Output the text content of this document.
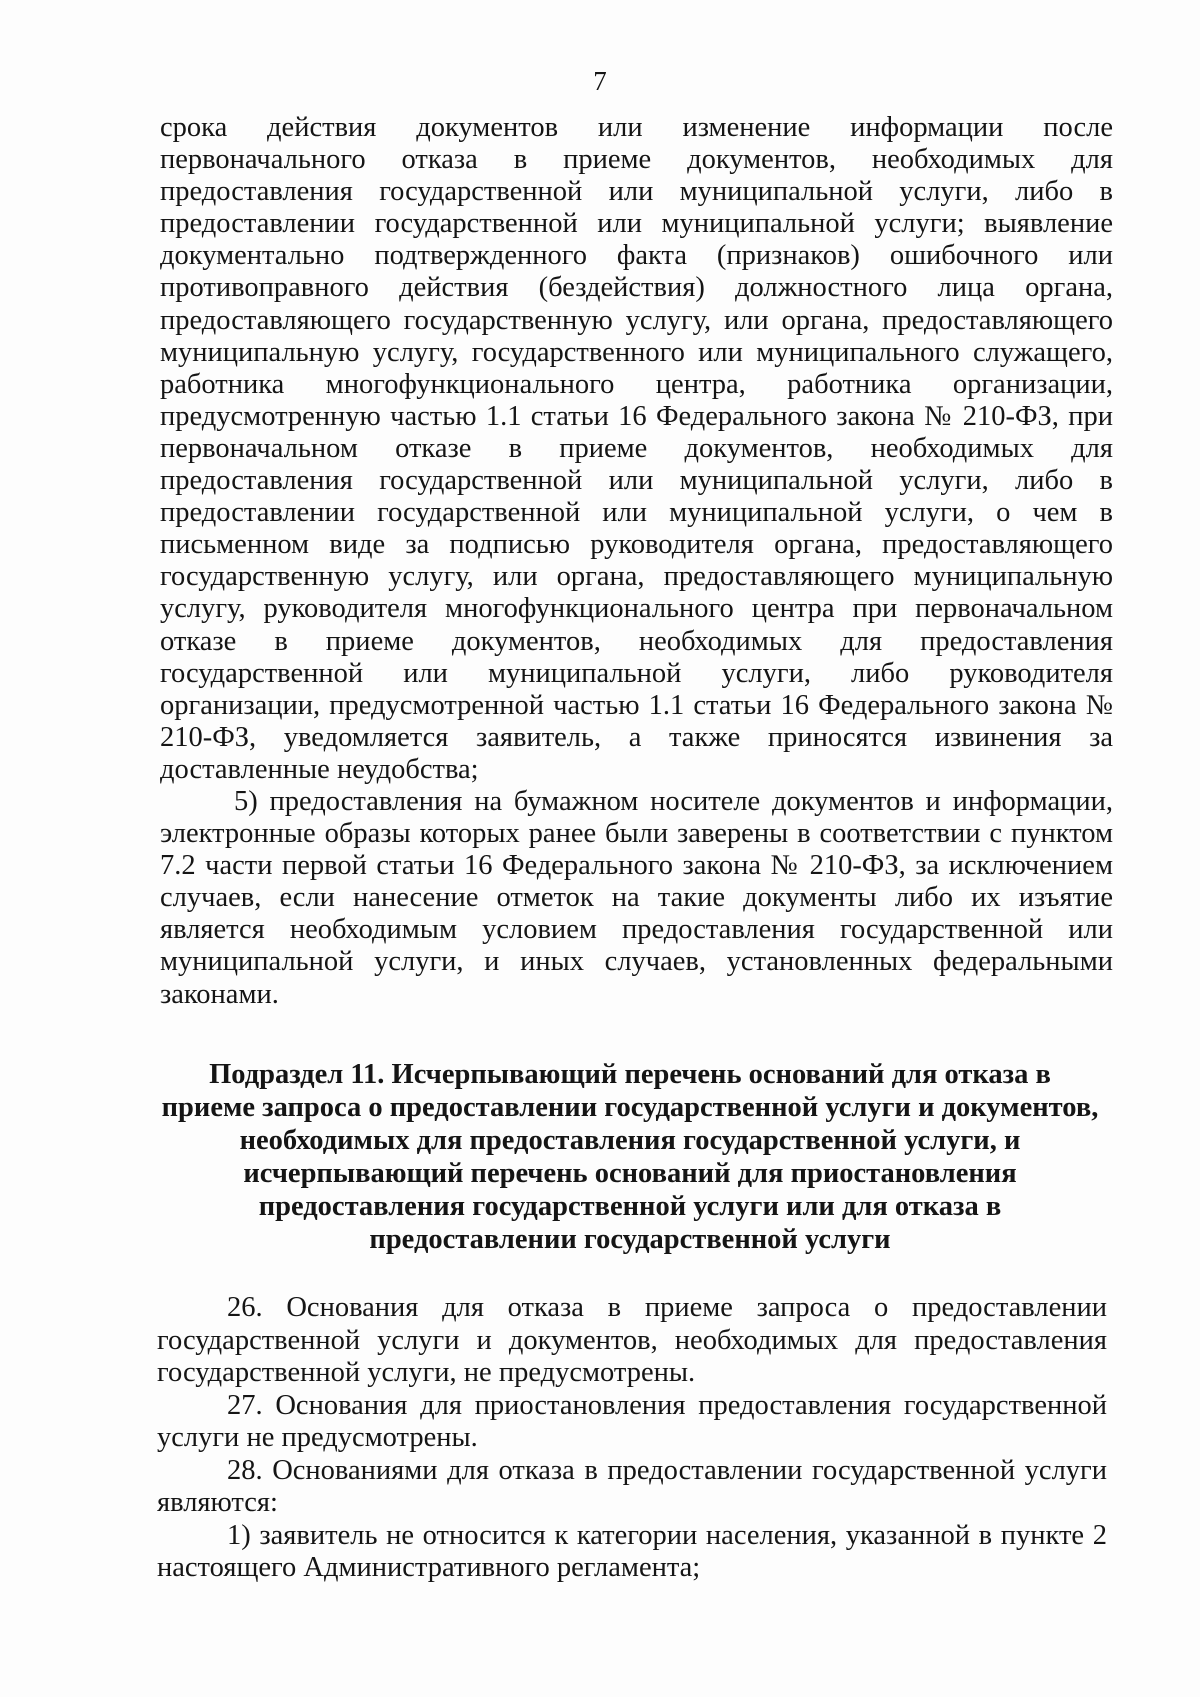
7

срока действия документов или изменение информации после первоначального отказа в приеме документов, необходимых для предоставления государственной или муниципальной услуги, либо в предоставлении государственной или муниципальной услуги; выявление документально подтвержденного факта (признаков) ошибочного или противоправного действия (бездействия) должностного лица органа, предоставляющего государственную услугу, или органа, предоставляющего муниципальную услугу, государственного или муниципального служащего, работника многофункционального центра, работника организации, предусмотренную частью 1.1 статьи 16 Федерального закона № 210-ФЗ, при первоначальном отказе в приеме документов, необходимых для предоставления государственной или муниципальной услуги, либо в предоставлении государственной или муниципальной услуги, о чем в письменном виде за подписью руководителя органа, предоставляющего государственную услугу, или органа, предоставляющего муниципальную услугу, руководителя многофункционального центра при первоначальном отказе в приеме документов, необходимых для предоставления государственной или муниципальной услуги, либо руководителя организации, предусмотренной частью 1.1 статьи 16 Федерального закона № 210-ФЗ, уведомляется заявитель, а также приносятся извинения за доставленные неудобства;

5) предоставления на бумажном носителе документов и информации, электронные образы которых ранее были заверены в соответствии с пунктом 7.2 части первой статьи 16 Федерального закона № 210-ФЗ, за исключением случаев, если нанесение отметок на такие документы либо их изъятие является необходимым условием предоставления государственной или муниципальной услуги, и иных случаев, установленных федеральными законами.

Подраздел 11. Исчерпывающий перечень оснований для отказа в
приеме запроса о предоставлении государственной услуги и документов,
необходимых для предоставления государственной услуги, и
исчерпывающий перечень оснований для приостановления
предоставления государственной услуги или для отказа в
предоставлении государственной услуги

26. Основания для отказа в приеме запроса о предоставлении государственной услуги и документов, необходимых для предоставления государственной услуги, не предусмотрены.

27. Основания для приостановления предоставления государственной услуги не предусмотрены.

28. Основаниями для отказа в предоставлении государственной услуги являются:

1) заявитель не относится к категории населения, указанной в пункте 2 настоящего Административного регламента;
